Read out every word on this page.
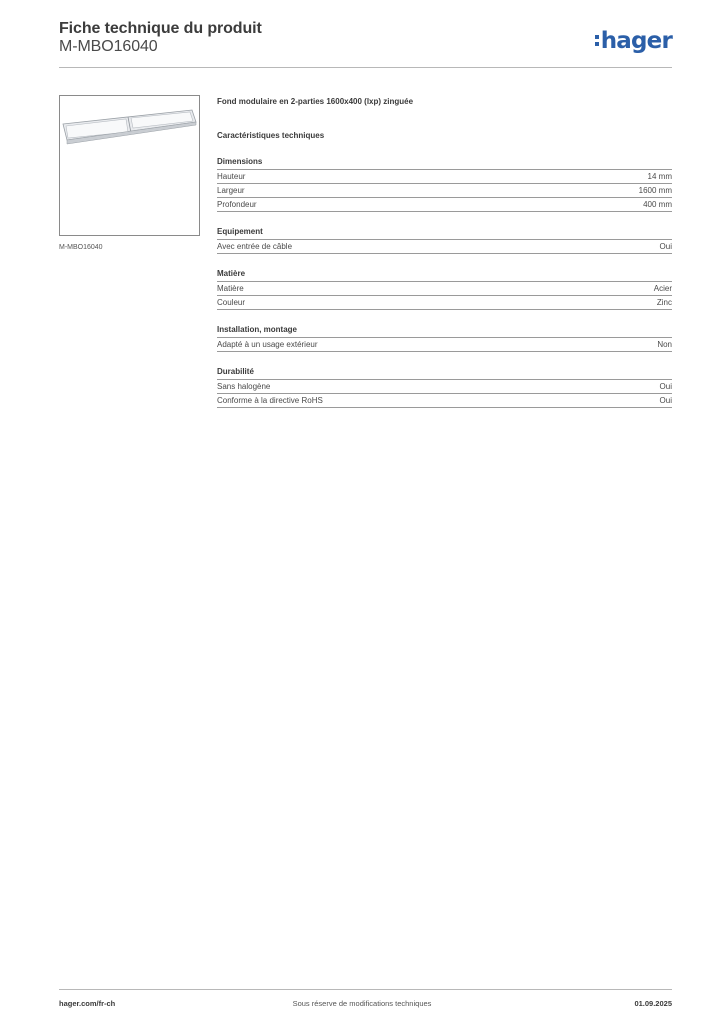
Fiche technique du produit
M-MBO16040	hager
M-MBO16040
Fond modulaire en 2-parties 1600x400 (lxp) zinguée
Caractéristiques techniques
Dimensions
Hauteur	14 mm
Largeur	1600 mm
Profondeur	400 mm
Equipement
Avec entrée de câble	Oui
Matière
Matière	Acier
Couleur	Zinc
Installation, montage
Adapté à un usage extérieur	Non
Durabilité
Sans halogène	Oui
Conforme à la directive RoHS	Oui
hager.com/fr-ch	Sous réserve de modifications techniques	01.09.2025
